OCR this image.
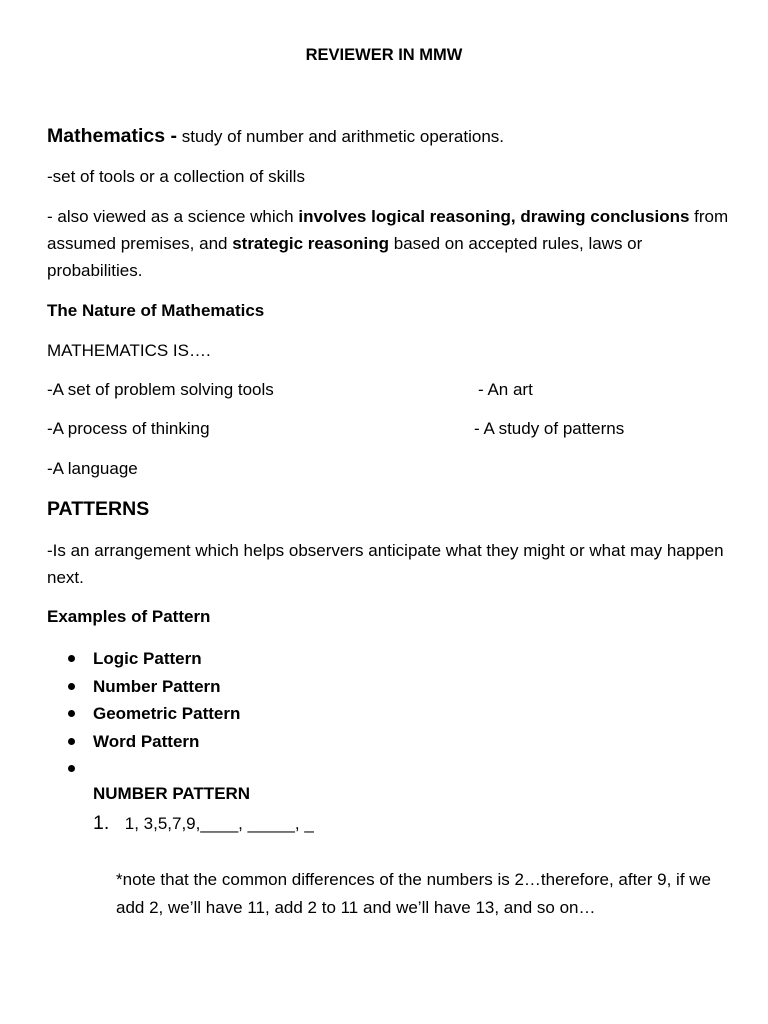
REVIEWER IN MMW
Mathematics - study of number and arithmetic operations.
-set of tools or a collection of skills
- also viewed as a science which involves logical reasoning, drawing conclusions from assumed premises, and strategic reasoning based on accepted rules, laws or probabilities.
The Nature of Mathematics
MATHEMATICS IS….
-A set of problem solving tools	- An art
-A process of thinking	- A study of patterns
-A language
PATTERNS
-Is an arrangement which helps observers anticipate what they might or what may happen next.
Examples of Pattern
Logic Pattern
Number Pattern
Geometric Pattern
Word Pattern
NUMBER PATTERN
1. 1, 3,5,7,9,____, _____, _
*note that the common differences of the numbers is 2…therefore, after 9, if we add 2, we’ll have 11, add 2 to 11 and we’ll have 13, and so on…
